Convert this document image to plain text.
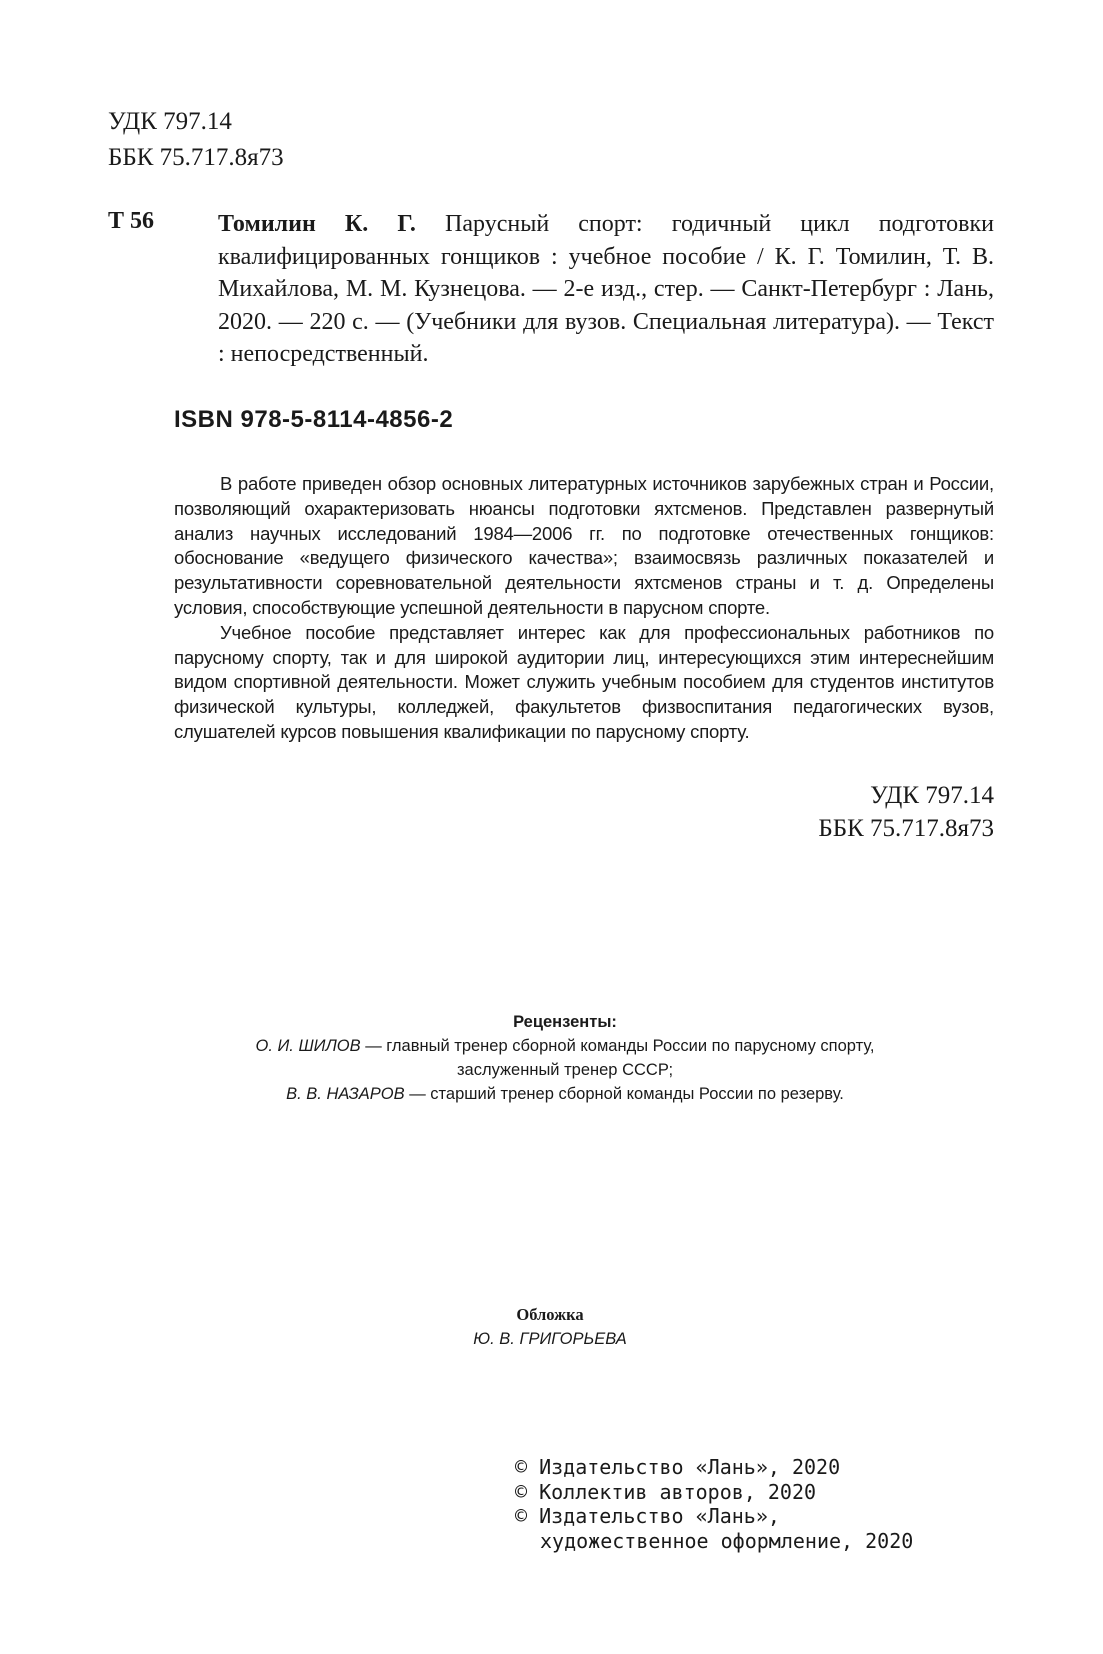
УДК 797.14
ББК 75.717.8я73
Т 56	Томилин К. Г. Парусный спорт: годичный цикл подготовки квалифицированных гонщиков : учебное пособие / К. Г. Томилин, Т. В. Михайлова, М. М. Кузнецова. — 2-е изд., стер. — Санкт-Петербург : Лань, 2020. — 220 с. — (Учебники для вузов. Специальная литература). — Текст : непосредственный.
ISBN 978-5-8114-4856-2

В работе приведен обзор основных литературных источников зарубежных стран и России, позволяющий охарактеризовать нюансы подготовки яхтсменов. Представлен развернутый анализ научных исследований 1984—2006 гг. по подготовке отечественных гонщиков: обоснование «ведущего физического качества»; взаимосвязь различных показателей и результативности соревновательной деятельности яхтсменов страны и т. д. Определены условия, способствующие успешной деятельности в парусном спорте.

Учебное пособие представляет интерес как для профессиональных работников по парусному спорту, так и для широкой аудитории лиц, интересующихся этим интереснейшим видом спортивной деятельности. Может служить учебным пособием для студентов институтов физической культуры, колледжей, факультетов физвоспитания педагогических вузов, слушателей курсов повышения квалификации по парусному спорту.

УДК 797.14
ББК 75.717.8я73
Рецензенты:
О. И. ШИЛОВ — главный тренер сборной команды России по парусному спорту,
заслуженный тренер СССР;
В. В. НАЗАРОВ — старший тренер сборной команды России по резерву.
Обложка
Ю. В. ГРИГОРЬЕВА
© Издательство «Лань», 2020
© Коллектив авторов, 2020
© Издательство «Лань»,
художественное оформление, 2020
